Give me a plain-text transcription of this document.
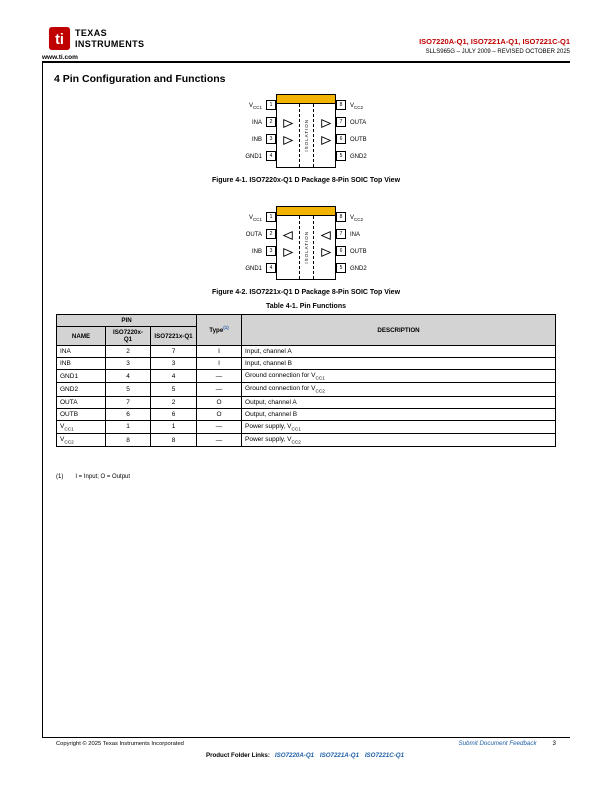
ti TEXAS
INSTRUMENTS
www.ti.com
ISO7220A-Q1, ISO7221A-Q1, ISO7221C-Q1
SLLS965G – JULY 2009 – REVISED OCTOBER 2025
4 Pin Configuration and Functions
ISOLATION
$V_{CC1}$	1
INA	2
INB	3
GND1	4
8	$V_{CC2}$
7	OUTA
6	OUTB
5	GND2
Figure 4-1. ISO7220x-Q1 D Package 8-Pin SOIC Top View
ISOLATION
$V_{CC1}$	1
OUTA	2
INB	3
GND1	4
8	$V_{CC2}$
7	INA
6	OUTB
5	GND2
Figure 4-2. ISO7221x-Q1 D Package 8-Pin SOIC Top View
Table 4-1. Pin Functions
PIN			Type$^{(1)}$	DESCRIPTION
NAME	ISO7220x-Q1	ISO7221x-Q1		
INA	2	7	I	Input, channel A
INB	3	3	I	Input, channel B
GND1	4	4	—	Ground connection for $V_{CC1}$
GND2	5	5	—	Ground connection for $V_{CC2}$
OUTA	7	2	O	Output, channel A
OUTB	6	6	O	Output, channel B
$V_{CC1}$	1	1	—	Power supply, $V_{CC1}$
$V_{CC2}$	8	8	—	Power supply, $V_{CC2}$
(1) I = Input; O = Output
Copyright © 2025 Texas Instruments Incorporated	Submit Document Feedback	3
Product Folder Links: ISO7220A-Q1 ISO7221A-Q1 ISO7221C-Q1
